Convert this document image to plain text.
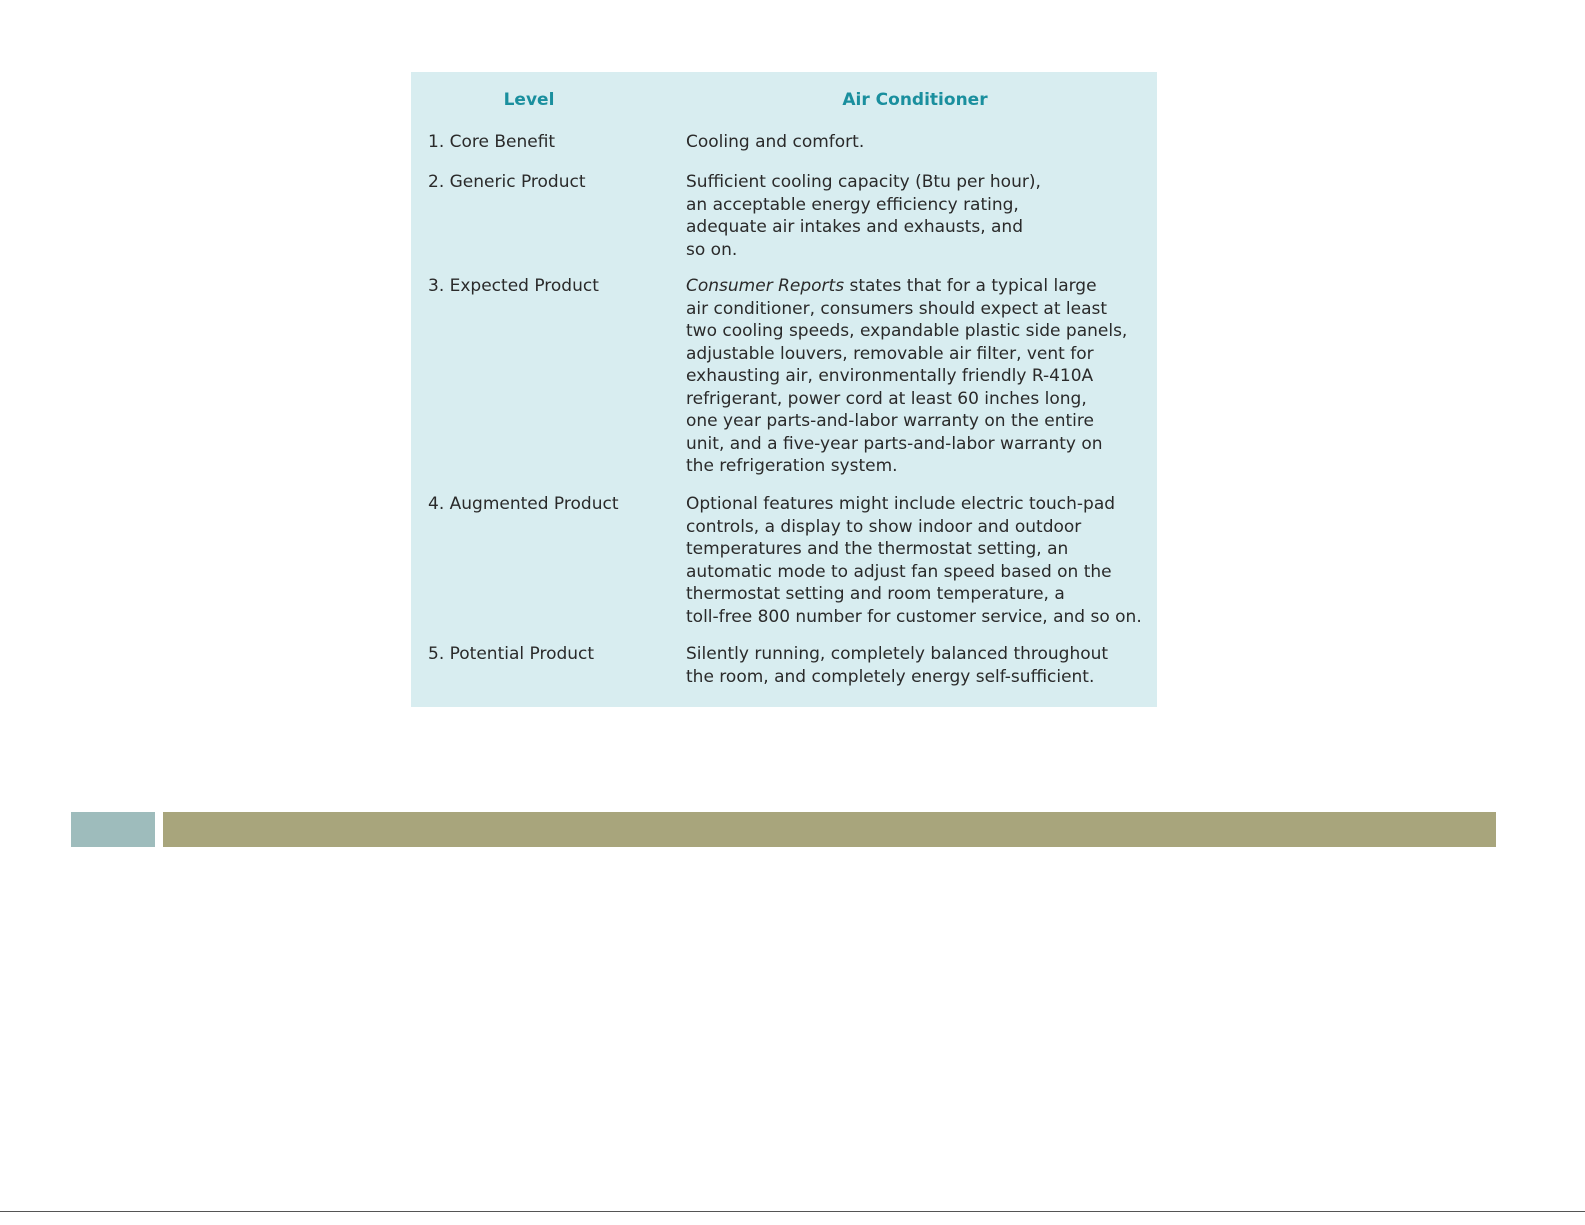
Level	Air Conditioner
1. Core Benefit	Cooling and comfort.
2. Generic Product	Sufficient cooling capacity (Btu per hour),
an acceptable energy efficiency rating,
adequate air intakes and exhausts, and
so on.
3. Expected Product	Consumer Reports states that for a typical large
air conditioner, consumers should expect at least
two cooling speeds, expandable plastic side panels,
adjustable louvers, removable air filter, vent for
exhausting air, environmentally friendly R-410A
refrigerant, power cord at least 60 inches long,
one year parts-and-labor warranty on the entire
unit, and a five-year parts-and-labor warranty on
the refrigeration system.
4. Augmented Product	Optional features might include electric touch-pad
controls, a display to show indoor and outdoor
temperatures and the thermostat setting, an
automatic mode to adjust fan speed based on the
thermostat setting and room temperature, a
toll-free 800 number for customer service, and so on.
5. Potential Product	Silently running, completely balanced throughout
the room, and completely energy self-sufficient.
